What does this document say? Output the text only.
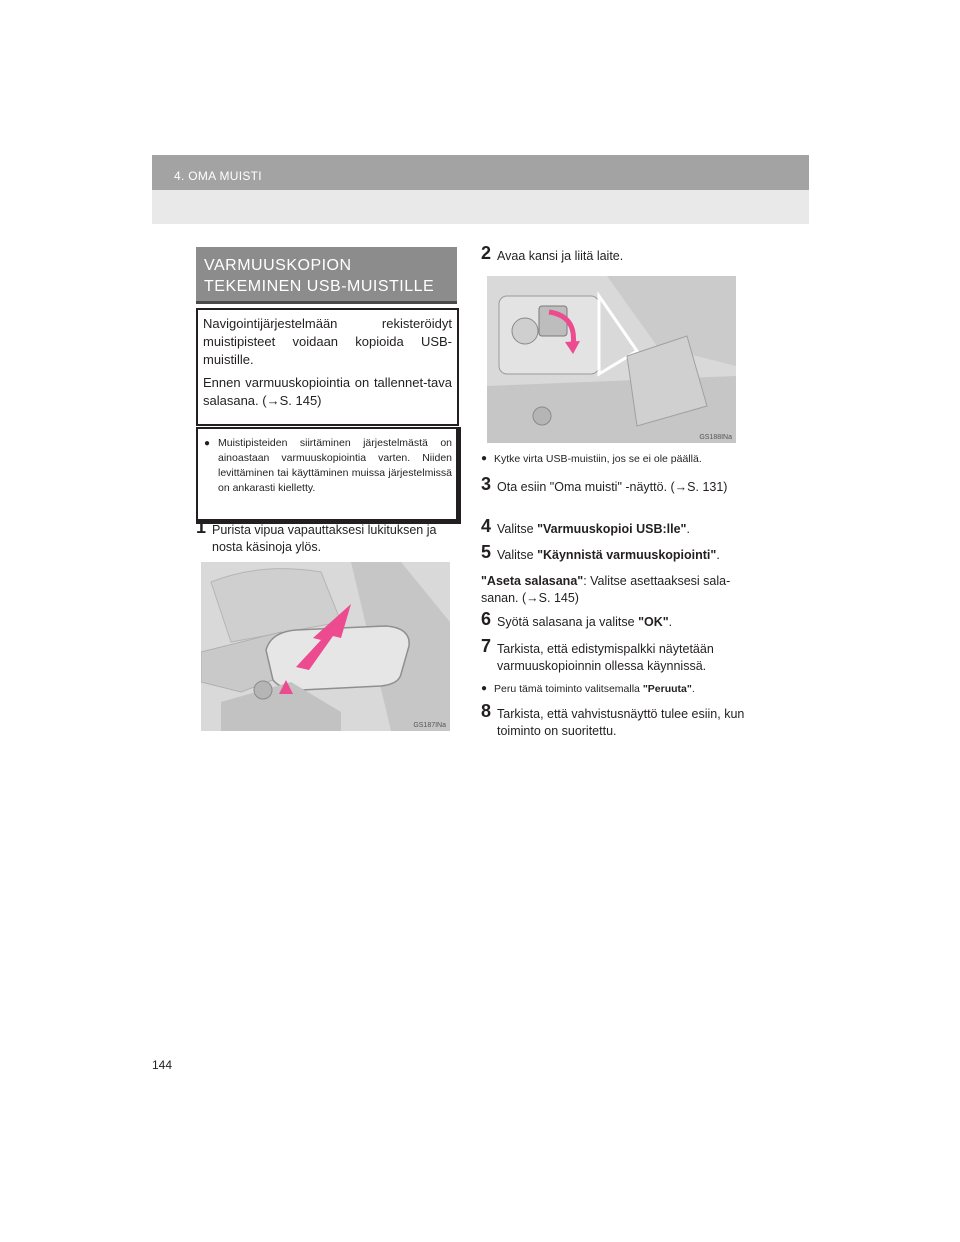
4. OMA MUISTI
VARMUUSKOPION
TEKEMINEN USB-MUISTILLE

Navigointijärjestelmään rekisteröidyt muistipisteet voidaan kopioida USB-muistille.

Ennen varmuuskopiointia on tallennet-tava salasana. (→S. 145)

● Muistipisteiden siirtäminen järjestelmästä on ainoastaan varmuuskopiointia varten. Niiden levittäminen tai käyttäminen muissa järjestelmissä on ankarasti kielletty.
1 Purista vipua vapauttaksesi lukituksen ja nosta käsinoja ylös.
GS187INa
2 Avaa kansi ja liitä laite.
GS188INa
● Kytke virta USB-muistiin, jos se ei ole päällä.
3 Ota esiin "Oma muisti" -näyttö. (→S. 131)
4 Valitse "Varmuuskopioi USB:lle".
5 Valitse "Käynnistä varmuuskopiointi".
"Aseta salasana": Valitse asettaaksesi sala-sanan. (→S. 145)
6 Syötä salasana ja valitse "OK".
7 Tarkista, että edistymispalkki näytetään varmuuskopioinnin ollessa käynnissä.
● Peru tämä toiminto valitsemalla "Peruuta".
8 Tarkista, että vahvistusnäyttö tulee esiin, kun toiminto on suoritettu.
144
